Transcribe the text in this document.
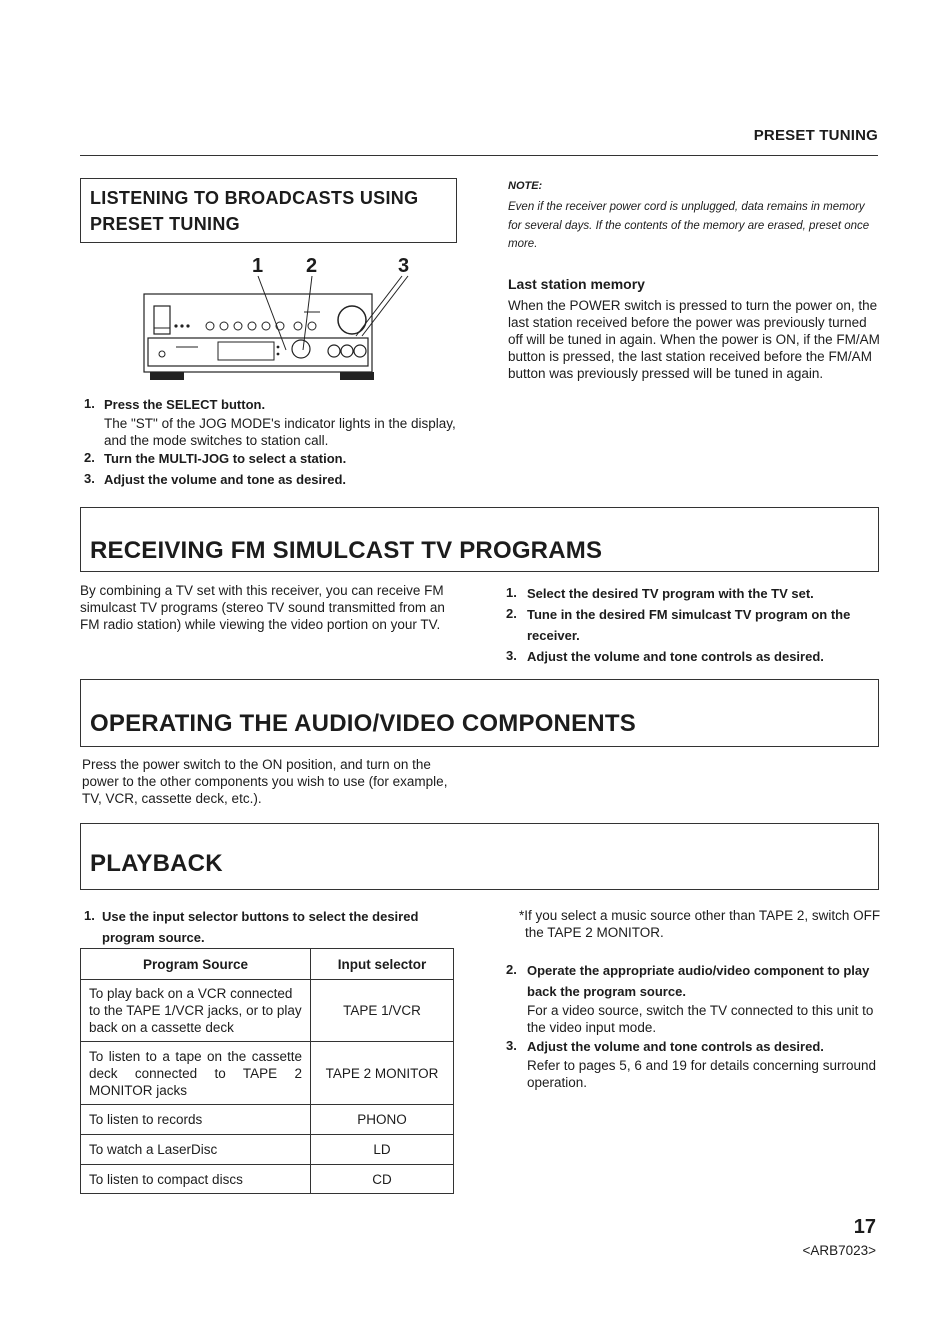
PRESET TUNING
LISTENING TO BROADCASTS USING
PRESET TUNING
1 2	3
1. Press the SELECT button.
The "ST" of the JOG MODE's indicator lights in the display, and the mode switches to station call.
2. Turn the MULTI-JOG to select a station.
3. Adjust the volume and tone as desired.
NOTE:
Even if the receiver power cord is unplugged, data remains in memory for several days. If the contents of the memory are erased, preset once more.
Last station memory
When the POWER switch is pressed to turn the power on, the last station received before the power was previously turned off will be tuned in again. When the power is ON, if the FM/AM button is pressed, the last station received before the FM/AM button was previously pressed will be tuned in again.
RECEIVING FM SIMULCAST TV PROGRAMS
By combining a TV set with this receiver, you can receive FM simulcast TV programs (stereo TV sound transmitted from an FM radio station) while viewing the video portion on your TV.
1. Select the desired TV program with the TV set.
2. Tune in the desired FM simulcast TV program on the receiver.
3. Adjust the volume and tone controls as desired.
OPERATING THE AUDIO/VIDEO COMPONENTS
Press the power switch to the ON position, and turn on the power to the other components you wish to use (for example, TV, VCR, cassette deck, etc.).
PLAYBACK
1. Use the input selector buttons to select the desired program source.
Program Source	Input selector
To play back on a VCR connected to the TAPE 1/VCR jacks, or to play back on a cassette deck	TAPE 1/VCR
To listen to a tape on the cassette deck connected to TAPE 2 MONITOR jacks	TAPE 2 MONITOR
To listen to records	PHONO
To watch a LaserDisc	LD
To listen to compact discs	CD
*If you select a music source other than TAPE 2, switch OFF the TAPE 2 MONITOR.
2. Operate the appropriate audio/video component to play back the program source.
For a video source, switch the TV connected to this unit to the video input mode.
3. Adjust the volume and tone controls as desired.
Refer to pages 5, 6 and 19 for details concerning surround operation.
17
<ARB7023>
